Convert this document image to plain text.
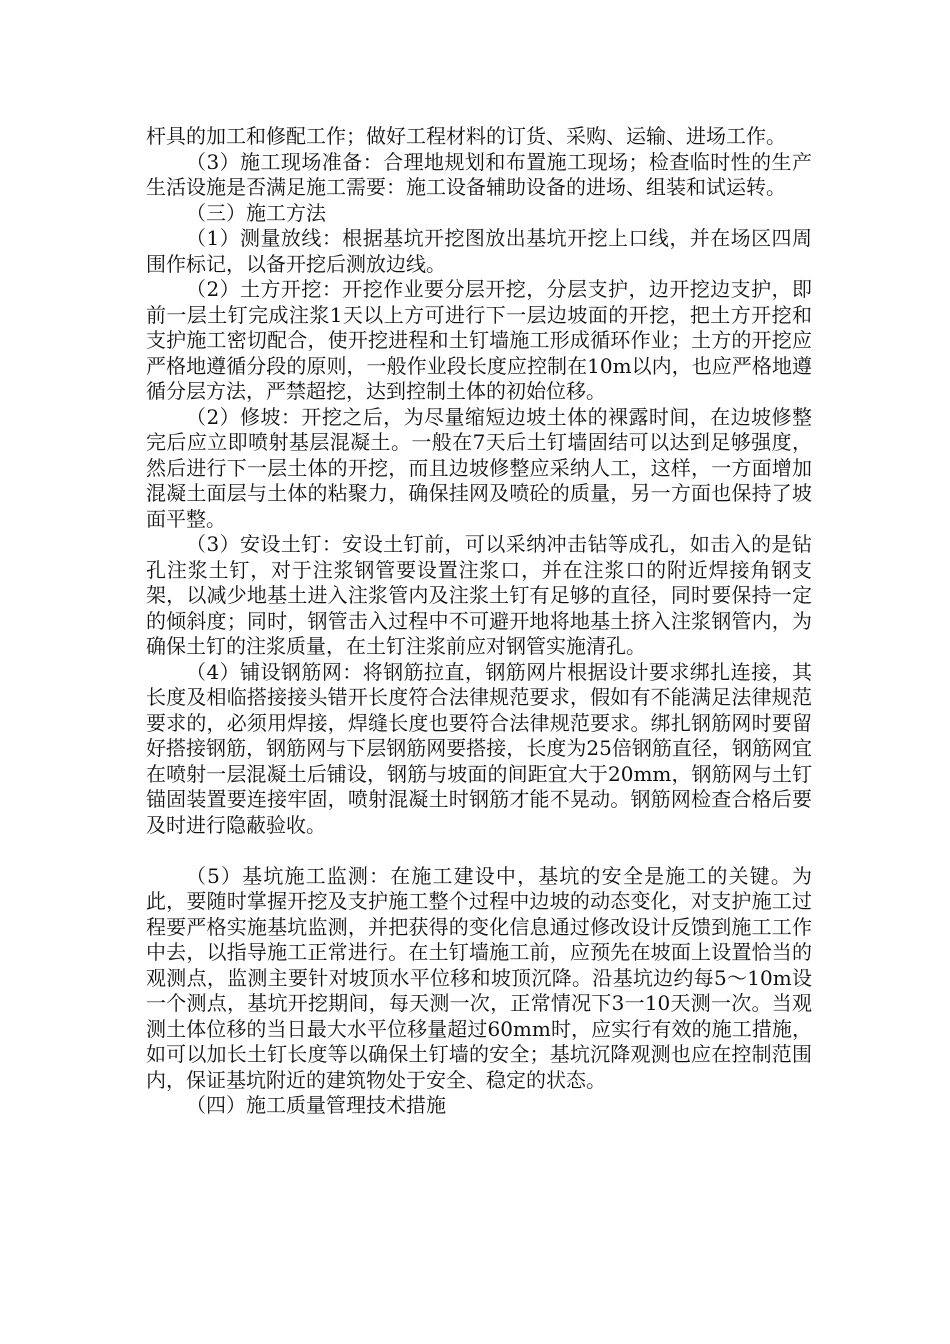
杆具的加工和修配工作；做好工程材料的订货、采购、运输、进场工作。

（3）施工现场准备：合理地规划和布置施工现场；检查临时性的生产生活设施是否满足施工需要：施工设备辅助设备的进场、组装和试运转。

（三）施工方法

（1）测量放线：根据基坑开挖图放出基坑开挖上口线，并在场区四周围作标记，以备开挖后测放边线。

（2）土方开挖：开挖作业要分层开挖，分层支护，边开挖边支护，即前一层土钉完成注浆1天以上方可进行下一层边坡面的开挖，把土方开挖和支护施工密切配合，使开挖进程和土钉墙施工形成循环作业；土方的开挖应严格地遵循分段的原则，一般作业段长度应控制在10m以内，也应严格地遵循分层方法，严禁超挖，达到控制土体的初始位移。

（2）修坡：开挖之后，为尽量缩短边坡土体的裸露时间，在边坡修整完后应立即喷射基层混凝土。一般在7天后土钉墙固结可以达到足够强度，然后进行下一层土体的开挖，而且边坡修整应采纳人工，这样，一方面增加混凝土面层与土体的粘聚力，确保挂网及喷砼的质量，另一方面也保持了坡面平整。

（3）安设土钉：安设土钉前，可以采纳冲击钻等成孔，如击入的是钻孔注浆土钉，对于注浆钢管要设置注浆口，并在注浆口的附近焊接角钢支架，以减少地基土进入注浆管内及注浆土钉有足够的直径，同时要保持一定的倾斜度；同时，钢管击入过程中不可避开地将地基土挤入注浆钢管内，为确保土钉的注浆质量，在土钉注浆前应对钢管实施清孔。

（4）铺设钢筋网：将钢筋拉直，钢筋网片根据设计要求绑扎连接，其长度及相临搭接接头错开长度符合法律规范要求，假如有不能满足法律规范要求的，必须用焊接，焊缝长度也要符合法律规范要求。绑扎钢筋网时要留好搭接钢筋，钢筋网与下层钢筋网要搭接，长度为25倍钢筋直径，钢筋网宜在喷射一层混凝土后铺设，钢筋与坡面的间距宜大于20mm，钢筋网与土钉锚固装置要连接牢固，喷射混凝土时钢筋才能不晃动。钢筋网检查合格后要及时进行隐蔽验收。

（5）基坑施工监测：在施工建设中，基坑的安全是施工的关键。为此，要随时掌握开挖及支护施工整个过程中边坡的动态变化，对支护施工过程要严格实施基坑监测，并把获得的变化信息通过修改设计反馈到施工工作中去，以指导施工正常进行。在土钉墙施工前，应预先在坡面上设置恰当的观测点，监测主要针对坡顶水平位移和坡顶沉降。沿基坑边约每5～10m设一个测点，基坑开挖期间，每天测一次，正常情况下3一10天测一次。当观测土体位移的当日最大水平位移量超过60mm时，应实行有效的施工措施，如可以加长土钉长度等以确保土钉墙的安全；基坑沉降观测也应在控制范围内，保证基坑附近的建筑物处于安全、稳定的状态。

（四）施工质量管理技术措施
